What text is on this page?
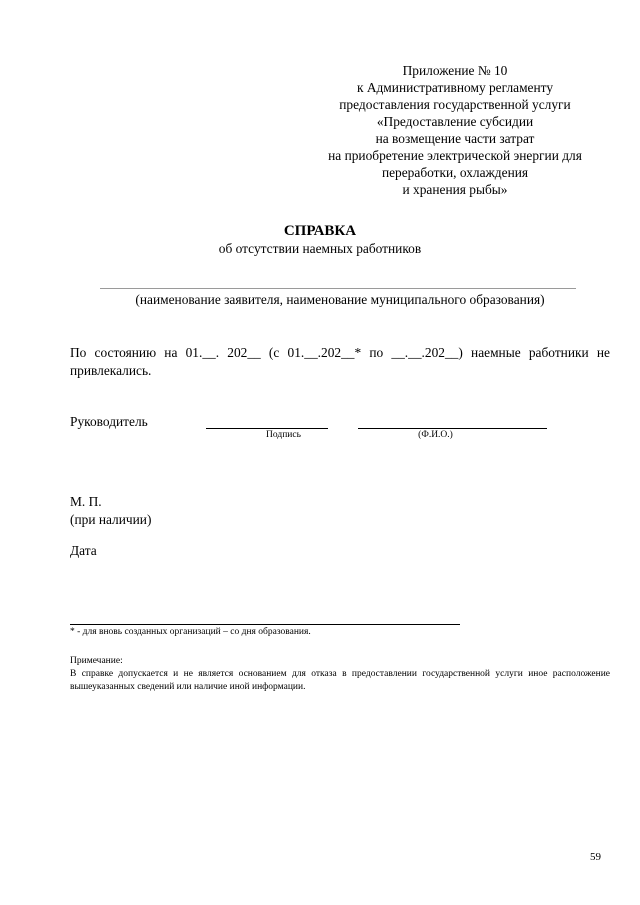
Приложение № 10
к Административному регламенту
предоставления государственной услуги
«Предоставление субсидии
на возмещение части затрат
на приобретение электрической энергии для
переработки, охлаждения
и хранения рыбы»
СПРАВКА
об отсутствии наемных работников
(наименование заявителя, наименование муниципального образования)
По состоянию на 01.__. 202__ (с 01.__.202__* по __.__.202__) наемные работники не привлекались.
Руководитель
Подпись	(Ф.И.О.)
М. П.
(при наличии)
Дата
* - для вновь созданных организаций – со дня образования.
Примечание:
В справке допускается и не является основанием для отказа в предоставлении государственной услуги иное расположение вышеуказанных сведений или наличие иной информации.
59
